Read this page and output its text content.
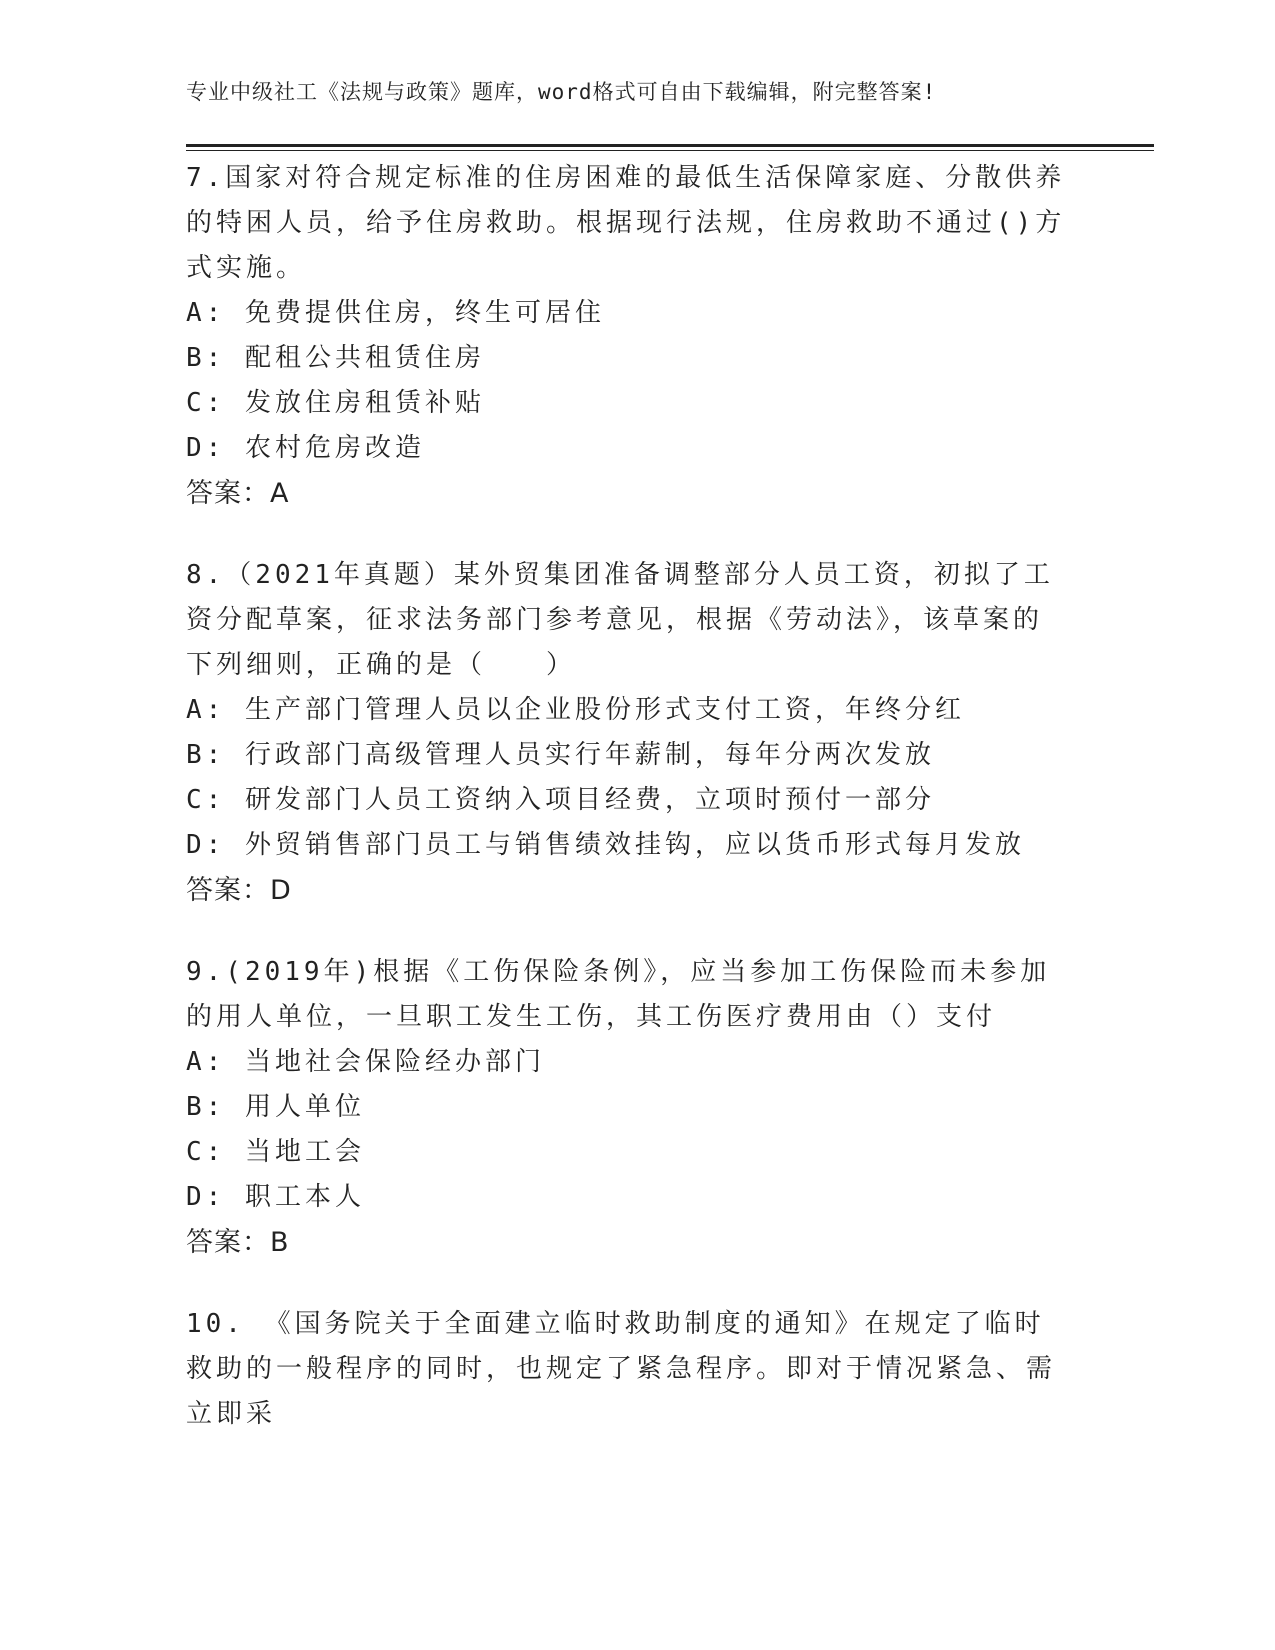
专业中级社工《法规与政策》题库，word格式可自由下载编辑，附完整答案!

7.国家对符合规定标准的住房困难的最低生活保障家庭、分散供养的特困人员，给予住房救助。根据现行法规，住房救助不通过()方式实施。

A: 免费提供住房，终生可居住

B: 配租公共租赁住房

C: 发放住房租赁补贴

D: 农村危房改造

答案：A

8.（2021年真题）某外贸集团准备调整部分人员工资，初拟了工资分配草案，征求法务部门参考意见，根据《劳动法》，该草案的下列细则，正确的是（　　）

A: 生产部门管理人员以企业股份形式支付工资，年终分红

B: 行政部门高级管理人员实行年薪制，每年分两次发放

C: 研发部门人员工资纳入项目经费，立项时预付一部分

D: 外贸销售部门员工与销售绩效挂钩，应以货币形式每月发放

答案：D

9.(2019年)根据《工伤保险条例》，应当参加工伤保险而未参加的用人单位，一旦职工发生工伤，其工伤医疗费用由（）支付

A: 当地社会保险经办部门

B: 用人单位

C: 当地工会

D: 职工本人

答案：B

10. 《国务院关于全面建立临时救助制度的通知》在规定了临时救助的一般程序的同时，也规定了紧急程序。即对于情况紧急、需立即采
